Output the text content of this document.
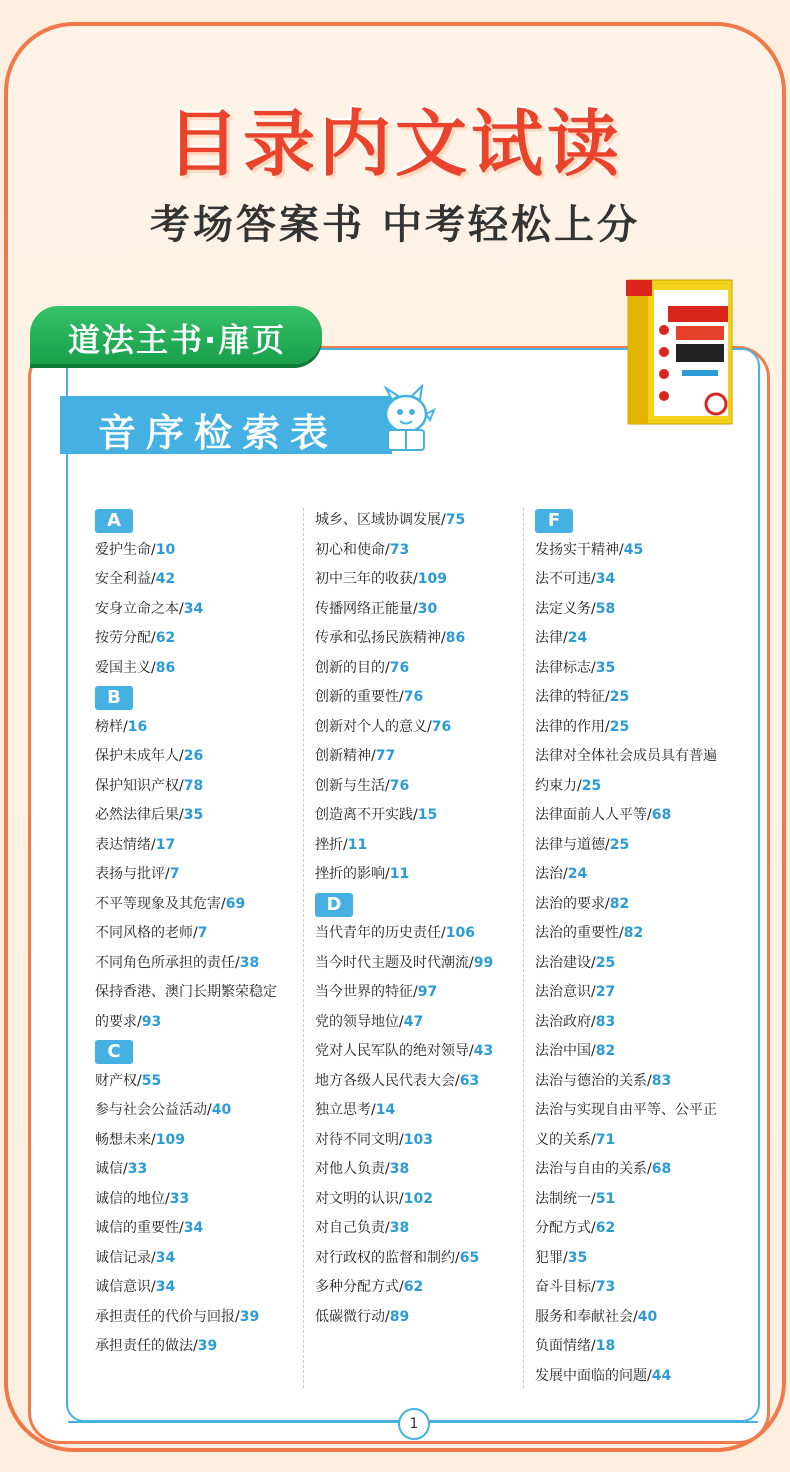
目录内文试读
考场答案书 中考轻松上分
道法主书·扉页
音序检索表
A
爱护生命/10
安全利益/42
安身立命之本/34
按劳分配/62
爱国主义/86
B
榜样/16
保护未成年人/26
保护知识产权/78
必然法律后果/35
表达情绪/17
表扬与批评/7
不平等现象及其危害/69
不同风格的老师/7
不同角色所承担的责任/38
保持香港、澳门长期繁荣稳定
的要求/93
C
财产权/55
参与社会公益活动/40
畅想未来/109
诚信/33
诚信的地位/33
诚信的重要性/34
诚信记录/34
诚信意识/34
承担责任的代价与回报/39
承担责任的做法/39
城乡、区域协调发展/75
初心和使命/73
初中三年的收获/109
传播网络正能量/30
传承和弘扬民族精神/86
创新的目的/76
创新的重要性/76
创新对个人的意义/76
创新精神/77
创新与生活/76
创造离不开实践/15
挫折/11
挫折的影响/11
D
当代青年的历史责任/106
当今时代主题及时代潮流/99
当今世界的特征/97
党的领导地位/47
党对人民军队的绝对领导/43
地方各级人民代表大会/63
独立思考/14
对待不同文明/103
对他人负责/38
对文明的认识/102
对自己负责/38
对行政权的监督和制约/65
多种分配方式/62
低碳微行动/89
F
发扬实干精神/45
法不可违/34
法定义务/58
法律/24
法律标志/35
法律的特征/25
法律的作用/25
法律对全体社会成员具有普遍
约束力/25
法律面前人人平等/68
法律与道德/25
法治/24
法治的要求/82
法治的重要性/82
法治建设/25
法治意识/27
法治政府/83
法治中国/82
法治与德治的关系/83
法治与实现自由平等、公平正
义的关系/71
法治与自由的关系/68
法制统一/51
分配方式/62
犯罪/35
奋斗目标/73
服务和奉献社会/40
负面情绪/18
发展中面临的问题/44
1
